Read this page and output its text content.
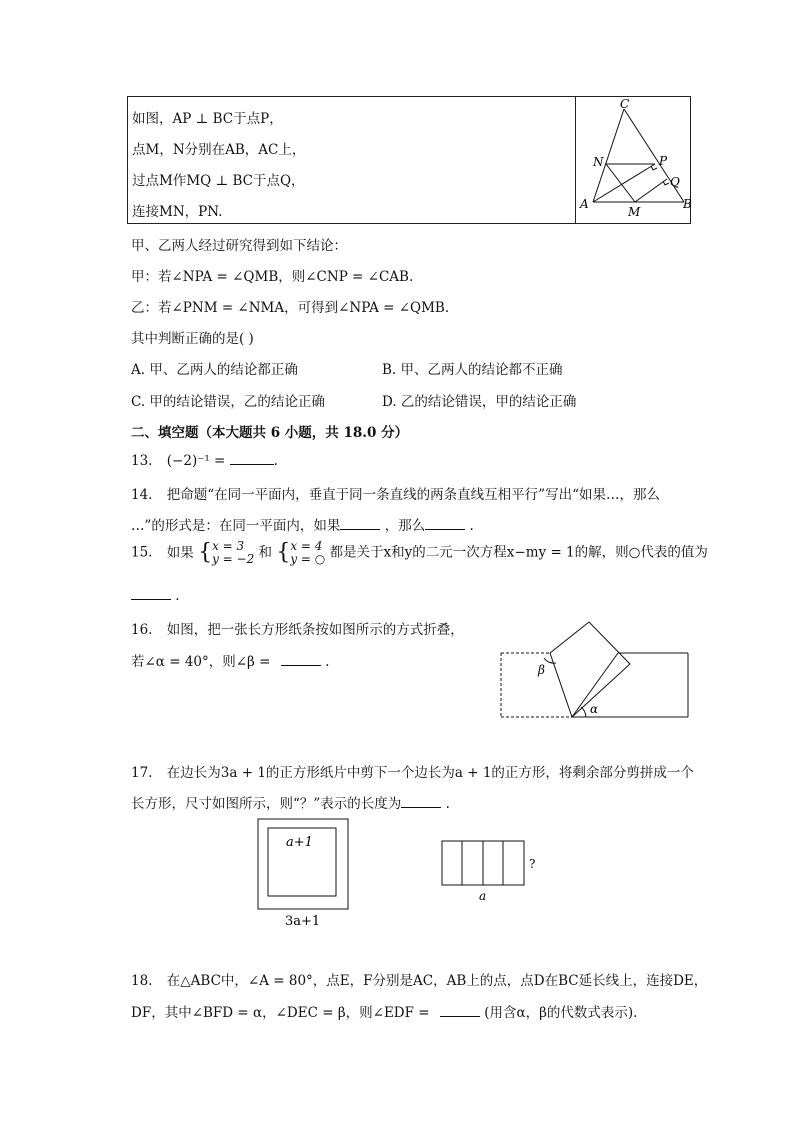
如图，AP ⊥ BC于点P，
点M，N分别在AB，AC上，
过点M作MQ ⊥ BC于点Q，
连接MN，PN.
C
N	P
Q
A
M
B
甲、乙两人经过研究得到如下结论：
甲：若∠NPA = ∠QMB，则∠CNP = ∠CAB.
乙：若∠PNM = ∠NMA，可得到∠NPA = ∠QMB.
其中判断正确的是( )
A. 甲、乙两人的结论都正确	B. 甲、乙两人的结论都不正确
C. 甲的结论错误，乙的结论正确	D. 乙的结论错误，甲的结论正确
二、填空题（本大题共 6 小题，共 18.0 分）
13. (−2)⁻¹ =	.
14. 把命题“在同一平面内，垂直于同一条直线的两条直线互相平行”写出“如果…，那么
…”的形式是：在同一平面内，如果	，那么	.
15. 如果 {x = 3
y = −2 和 {x = 4
y = ○ 都是关于x和y的二元一次方程x−my = 1的解，则○代表的值为
.
16. 如图，把一张长方形纸条按如图所示的方式折叠，
若∠α = 40°，则∠β =	.
α
β
17. 在边长为3a + 1的正方形纸片中剪下一个边长为a + 1的正方形，将剩余部分剪拼成一个
长方形，尺寸如图所示，则“？”表示的长度为	.
a+1
3a+1
a
?
18. 在△ABC中，∠A = 80°，点E，F分别是AC，AB上的点，点D在BC延长线上，连接DE，
DF，其中∠BFD = α，∠DEC = β，则∠EDF =	(用含α，β的代数式表示).
